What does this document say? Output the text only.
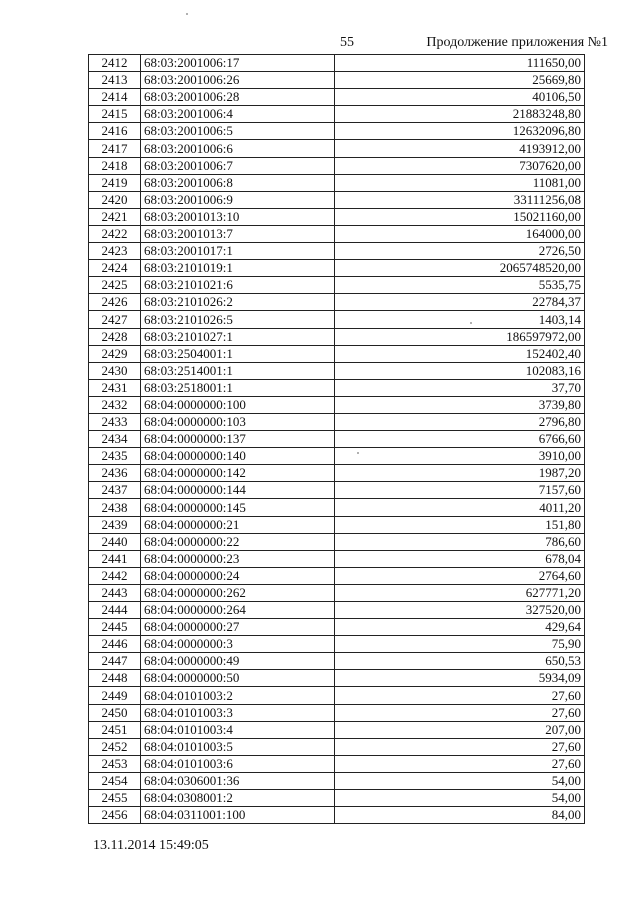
55	Продолжение приложения №1
2412	68:03:2001006:17	111650,00
2413	68:03:2001006:26	25669,80
2414	68:03:2001006:28	40106,50
2415	68:03:2001006:4	21883248,80
2416	68:03:2001006:5	12632096,80
2417	68:03:2001006:6	4193912,00
2418	68:03:2001006:7	7307620,00
2419	68:03:2001006:8	11081,00
2420	68:03:2001006:9	33111256,08
2421	68:03:2001013:10	15021160,00
2422	68:03:2001013:7	164000,00
2423	68:03:2001017:1	2726,50
2424	68:03:2101019:1	2065748520,00
2425	68:03:2101021:6	5535,75
2426	68:03:2101026:2	22784,37
2427	68:03:2101026:5	1403,14
2428	68:03:2101027:1	186597972,00
2429	68:03:2504001:1	152402,40
2430	68:03:2514001:1	102083,16
2431	68:03:2518001:1	37,70
2432	68:04:0000000:100	3739,80
2433	68:04:0000000:103	2796,80
2434	68:04:0000000:137	6766,60
2435	68:04:0000000:140	3910,00
2436	68:04:0000000:142	1987,20
2437	68:04:0000000:144	7157,60
2438	68:04:0000000:145	4011,20
2439	68:04:0000000:21	151,80
2440	68:04:0000000:22	786,60
2441	68:04:0000000:23	678,04
2442	68:04:0000000:24	2764,60
2443	68:04:0000000:262	627771,20
2444	68:04:0000000:264	327520,00
2445	68:04:0000000:27	429,64
2446	68:04:0000000:3	75,90
2447	68:04:0000000:49	650,53
2448	68:04:0000000:50	5934,09
2449	68:04:0101003:2	27,60
2450	68:04:0101003:3	27,60
2451	68:04:0101003:4	207,00
2452	68:04:0101003:5	27,60
2453	68:04:0101003:6	27,60
2454	68:04:0306001:36	54,00
2455	68:04:0308001:2	54,00
2456	68:04:0311001:100	84,00
13.11.2014 15:49:05
